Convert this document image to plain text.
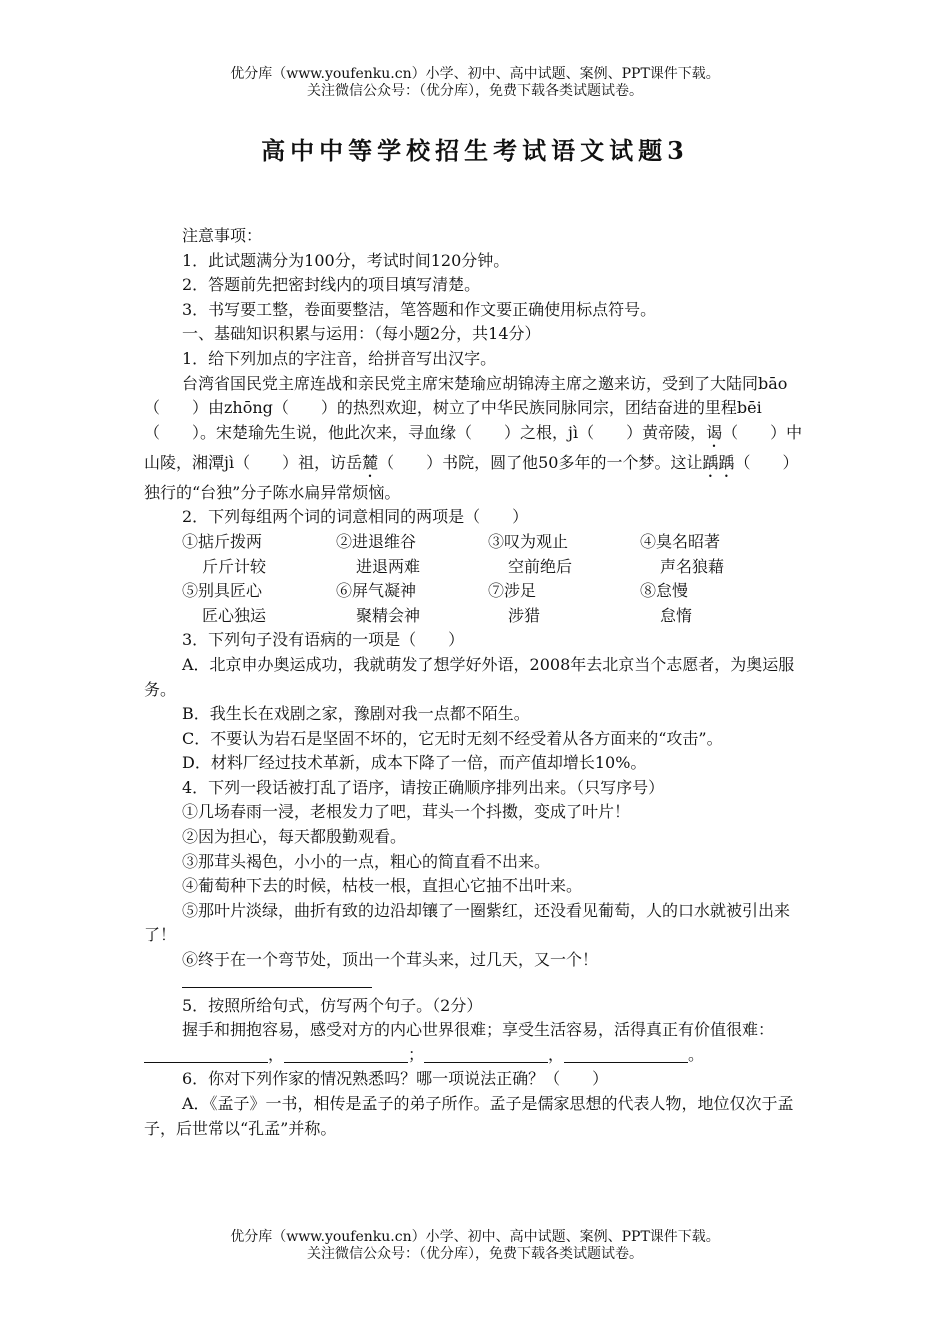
优分库（www.youfenku.cn）小学、初中、高中试题、案例、PPT课件下载。
关注微信公众号：（优分库），免费下载各类试题试卷。
高中中等学校招生考试语文试题3

注意事项：

1．此试题满分为100分，考试时间120分钟。

2．答题前先把密封线内的项目填写清楚。

3．书写要工整，卷面要整洁，笔答题和作文要正确使用标点符号。

一、基础知识积累与运用：（每小题2分，共14分）

1．给下列加点的字注音，给拼音写出汉字。

台湾省国民党主席连战和亲民党主席宋楚瑜应胡锦涛主席之邀来访，受到了大陆同bāo（　　）由zhōng（　　）的热烈欢迎，树立了中华民族同脉同宗，团结奋进的里程bēi（　　）。宋楚瑜先生说，他此次来，寻血缘（　　）之根，jì（　　）黄帝陵，谒（　　）中山陵，湘潭jì（　　）祖，访岳麓（　　）书院，圆了他50多年的一个梦。这让踽踽（　　）独行的“台独”分子陈水扁异常烦恼。

2．下列每组两个词的词意相同的两项是（　　）

①掂斤拨两	②进退维谷	③叹为观止	④臭名昭著
斤斤计较	进退两难	空前绝后	声名狼藉
⑤别具匠心	⑥屏气凝神	⑦涉足	⑧怠慢
匠心独运	聚精会神	涉猎	怠惰

3．下列句子没有语病的一项是（　　）

A．北京申办奥运成功，我就萌发了想学好外语，2008年去北京当个志愿者，为奥运服务。

B．我生长在戏剧之家，豫剧对我一点都不陌生。

C．不要认为岩石是坚固不坏的，它无时无刻不经受着从各方面来的“攻击”。

D．材料厂经过技术革新，成本下降了一倍，而产值却增长10%。

4．下列一段话被打乱了语序，请按正确顺序排列出来。（只写序号）

①几场春雨一浸，老根发力了吧，茸头一个抖擞，变成了叶片！

②因为担心，每天都殷勤观看。

③那茸头褐色，小小的一点，粗心的简直看不出来。

④葡萄种下去的时候，枯枝一根，直担心它抽不出叶来。

⑤那叶片淡绿，曲折有致的边沿却镶了一圈紫红，还没看见葡萄，人的口水就被引出来了！

⑥终于在一个弯节处，顶出一个茸头来，过几天，又一个！

5．按照所给句式，仿写两个句子。（2分）

握手和拥抱容易，感受对方的内心世界很难；享受生活容易，活得真正有价值很难：，	；	，	。

6．你对下列作家的情况熟悉吗？哪一项说法正确？（　　）

A．《孟子》一书，相传是孟子的弟子所作。孟子是儒家思想的代表人物，地位仅次于孟子，后世常以“孔孟”并称。

优分库（www.youfenku.cn）小学、初中、高中试题、案例、PPT课件下载。
关注微信公众号：（优分库），免费下载各类试题试卷。
